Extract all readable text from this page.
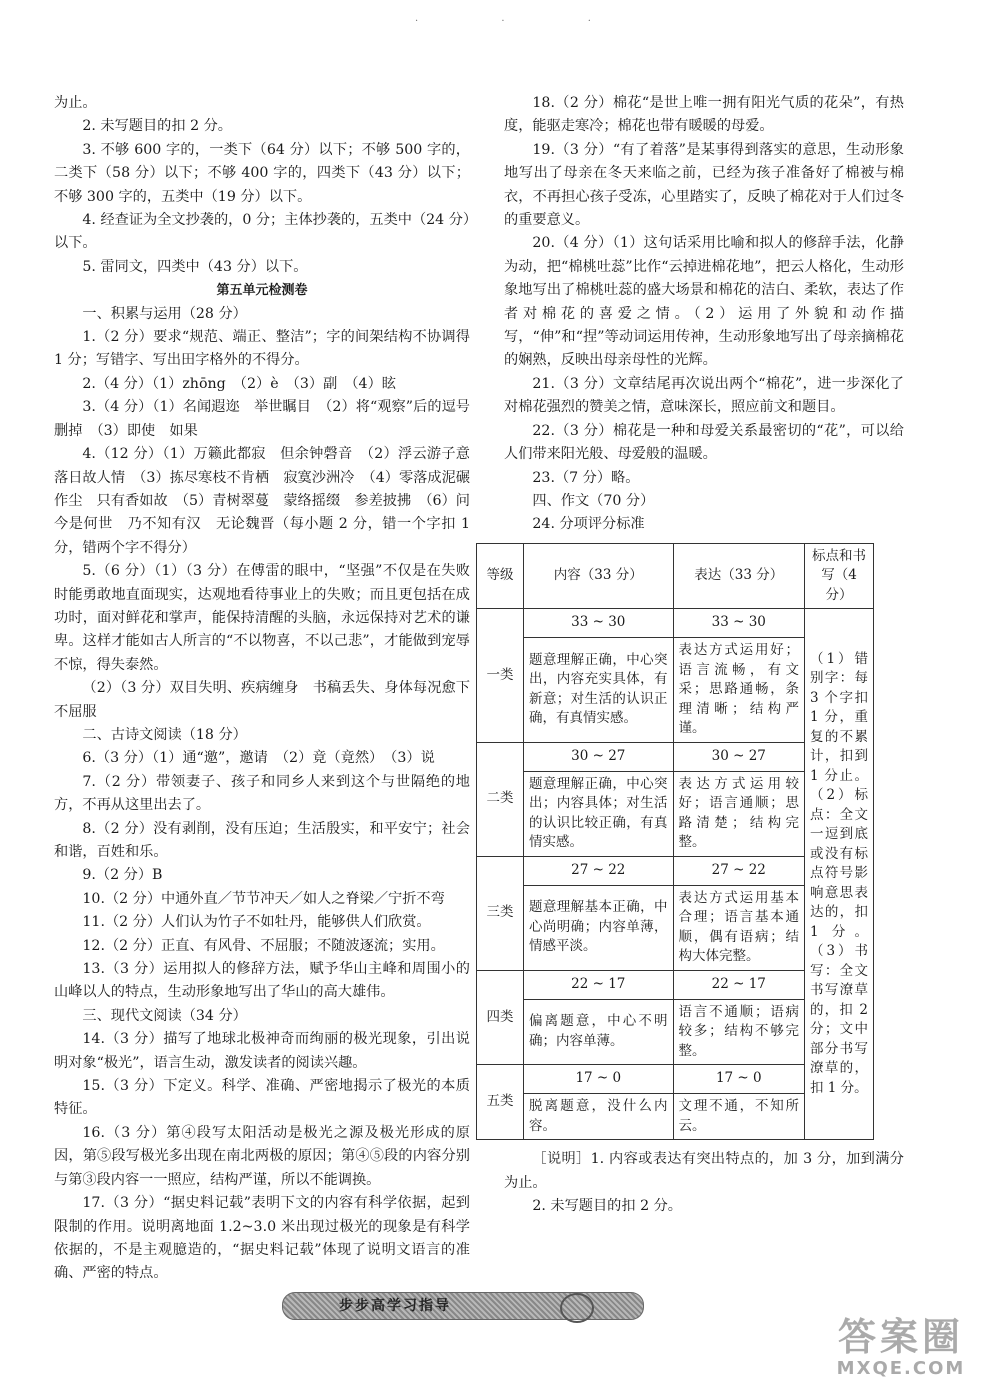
· · ·
为止。
2. 未写题目的扣 2 分。
3. 不够 600 字的，一类下（64 分）以下；不够 500 字的，二类下（58 分）以下；不够 400 字的，四类下（43 分）以下；不够 300 字的，五类中（19 分）以下。
4. 经查证为全文抄袭的，0 分；主体抄袭的，五类中（24 分）以下。
5. 雷同文，四类中（43 分）以下。
第五单元检测卷
一、积累与运用（28 分）
1.（2 分）要求“规范、端正、整洁”；字的间架结构不协调得 1 分；写错字、写出田字格外的不得分。
2.（4 分）（1）zhōng　（2）è　（3）副　（4）眩
3.（4 分）（1）名闻遐迩　举世瞩目　（2）将“观察”后的逗号删掉　（3）即使　如果
4.（12 分）（1）万籁此都寂　但余钟磬音　（2）浮云游子意　落日故人情　（3）拣尽寒枝不肯栖　寂寞沙洲冷　（4）零落成泥碾作尘　只有香如故　（5）青树翠蔓　蒙络摇缀　参差披拂　（6）问今是何世　乃不知有汉　无论魏晋（每小题 2 分，错一个字扣 1 分，错两个字不得分）
5.（6 分）（1）（3 分）在傅雷的眼中，“坚强”不仅是在失败时能勇敢地直面现实，达观地看待事业上的失败；而且更包括在成功时，面对鲜花和掌声，能保持清醒的头脑，永远保持对艺术的谦卑。这样才能如古人所言的“不以物喜，不以己悲”，才能做到宠辱不惊，得失泰然。
（2）（3 分）双目失明、疾病缠身　书稿丢失、身体每况愈下不屈服
二、古诗文阅读（18 分）
6.（3 分）（1）通“邀”，邀请　（2）竟（竟然）　（3）说
7.（2 分）带领妻子、孩子和同乡人来到这个与世隔绝的地方，不再从这里出去了。
8.（2 分）没有剥削，没有压迫；生活殷实，和平安宁；社会和谐，百姓和乐。
9.（2 分）B
10.（2 分）中通外直／节节冲天／如人之脊梁／宁折不弯
11.（2 分）人们认为竹子不如牡丹，能够供人们欣赏。
12.（2 分）正直、有风骨、不屈服；不随波逐流；实用。
13.（3 分）运用拟人的修辞方法，赋予华山主峰和周围小的山峰以人的特点，生动形象地写出了华山的高大雄伟。
三、现代文阅读（34 分）
14.（3 分）描写了地球北极神奇而绚丽的极光现象，引出说明对象“极光”，语言生动，激发读者的阅读兴趣。
15.（3 分）下定义。科学、准确、严密地揭示了极光的本质特征。
16.（3 分）第④段写太阳活动是极光之源及极光形成的原因，第⑤段写极光多出现在南北两极的原因；第④⑤段的内容分别与第③段内容一一照应，结构严谨，所以不能调换。
17.（3 分）“据史料记载”表明下文的内容有科学依据，起到限制的作用。说明离地面 1.2~3.0 米出现过极光的现象是有科学依据的，不是主观臆造的，“据史料记载”体现了说明文语言的准确、严密的特点。
18.（2 分）棉花“是世上唯一拥有阳光气质的花朵”，有热度，能驱走寒冷；棉花也带有暖暖的母爱。
19.（3 分）“有了着落”是某事得到落实的意思，生动形象地写出了母亲在冬天来临之前，已经为孩子准备好了棉被与棉衣，不再担心孩子受冻，心里踏实了，反映了棉花对于人们过冬的重要意义。
20.（4 分）（1）这句话采用比喻和拟人的修辞手法，化静为动，把“棉桃吐蕊”比作“云掉进棉花地”，把云人格化，生动形象地写出了棉桃吐蕊的盛大场景和棉花的洁白、柔软，表达了作者对棉花的喜爱之情。（2）运用了外貌和动作描写，“伸”和“捏”等动词运用传神，生动形象地写出了母亲摘棉花的娴熟，反映出母亲母性的光辉。
21.（3 分）文章结尾再次说出两个“棉花”，进一步深化了对棉花强烈的赞美之情，意味深长，照应前文和题目。
22.（3 分）棉花是一种和母爱关系最密切的“花”，可以给人们带来阳光般、母爱般的温暖。
23.（7 分）略。
四、作文（70 分）
24. 分项评分标准
等级	内容（33 分）	表达（33 分）	标点和书写（4 分）
一类	33 ~ 30	33 ~ 30	（1）错别字：每 3 个字扣 1 分，重复的不累计，扣到 1 分止。（2）标点：全文一逗到底或没有标点符号影响意思表达的，扣 1 分。（3）书写：全文书写潦草的，扣 2 分；文中部分书写潦草的，扣 1 分。
	题意理解正确，中心突出，内容充实具体，有新意；对生活的认识正确，有真情实感。	表达方式运用好；语言流畅，有文采；思路通畅，条理清晰；结构严谨。	
二类	30 ~ 27	30 ~ 27	
	题意理解正确，中心突出；内容具体；对生活的认识比较正确，有真情实感。	表达方式运用较好；语言通顺；思路清楚；结构完整。	
三类	27 ~ 22	27 ~ 22	
	题意理解基本正确，中心尚明确；内容单薄，情感平淡。	表达方式运用基本合理；语言基本通顺，偶有语病；结构大体完整。	
四类	22 ~ 17	22 ~ 17	
	偏离题意，中心不明确；内容单薄。	语言不通顺；语病较多；结构不够完整。	
五类	17 ~ 0	17 ~ 0	
	脱离题意，没什么内容。	文理不通，不知所云。	
［说明］1. 内容或表达有突出特点的，加 3 分，加到满分为止。
2. 未写题目的扣 2 分。
步步高学习指导
答案圈
MXQE.COM
